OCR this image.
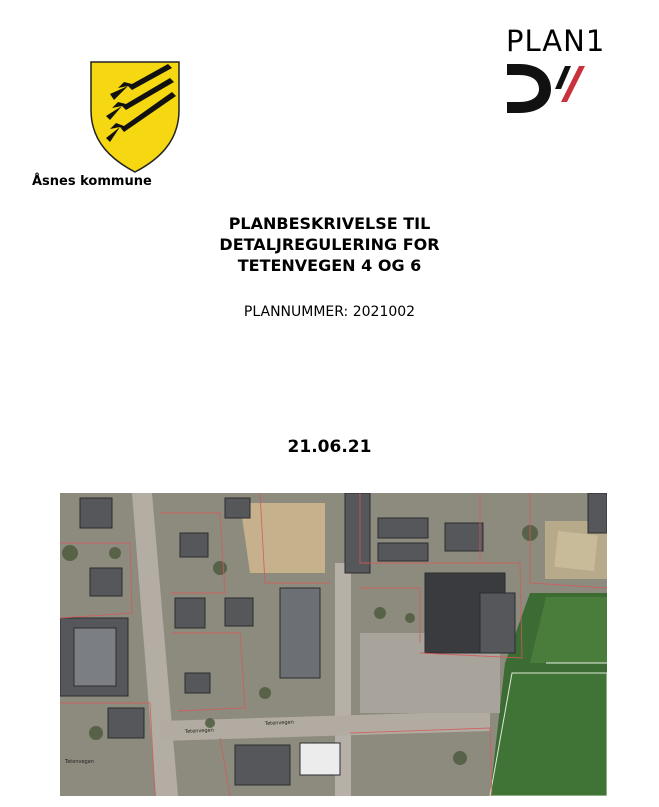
Åsnes kommune
PLAN1
PLANBESKRIVELSE TIL
DETALJREGULERING FOR
TETENVEGEN 4 OG 6
PLANNUMMER: 2021002
21.06.21
Tetenvegen
Tetenvegen
Tetenvegen
